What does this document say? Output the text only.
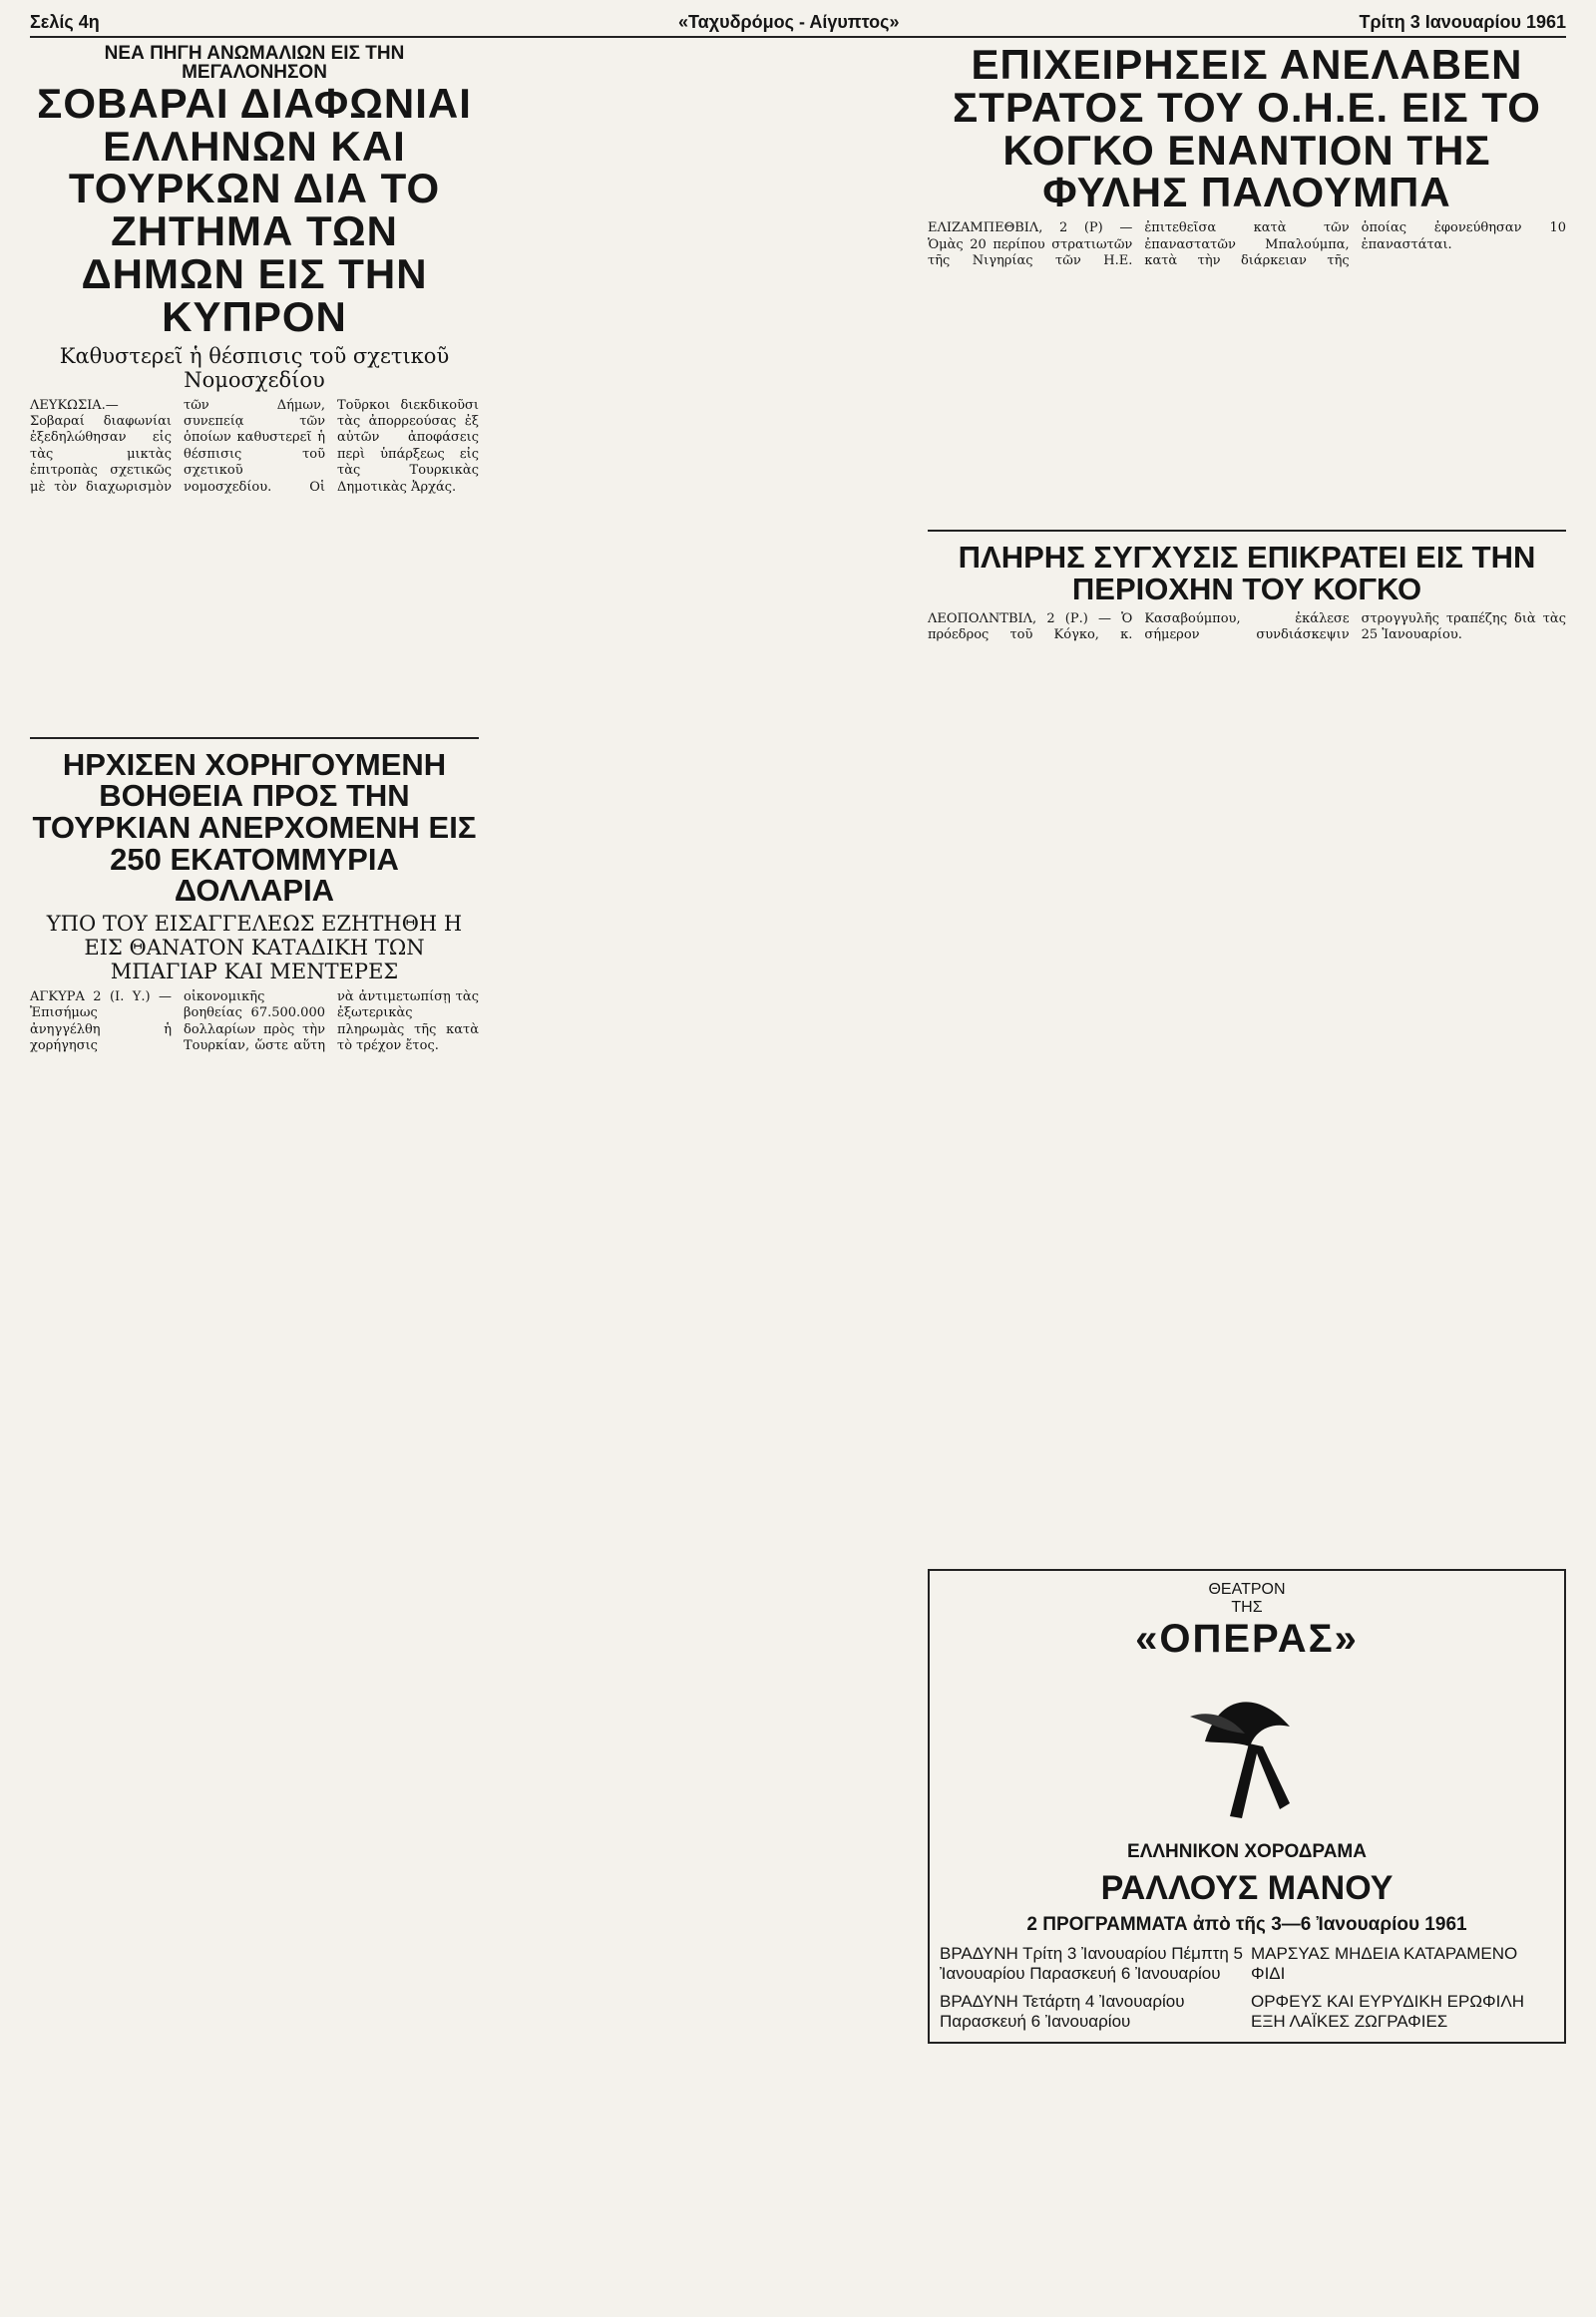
Σελίς 4η	«Ταχυδρόμος - Αίγυπτος»	Τρίτη 3 Ιανουαρίου 1961

ΝΕΑ ΠΗΓΗ ΑΝΩΜΑΛΙΩΝ ΕΙΣ ΤΗΝ ΜΕΓΑΛΟΝΗΣΟΝ

ΣΟΒΑΡΑΙ ΔΙΑΦΩΝΙΑΙ ΕΛΛΗΝΩΝ ΚΑΙ ΤΟΥΡΚΩΝ ΔΙΑ ΤΟ ΖΗΤΗΜΑ ΤΩΝ ΔΗΜΩΝ ΕΙΣ ΤΗΝ ΚΥΠΡΟΝ
Καθυστερεῖ ἡ θέσπισις τοῦ σχετικοῦ Νομοσχεδίου
ΛΕΥΚΩΣΙΑ.— Σοβαραί διαφωνίαι ἐξεδηλώθησαν εἰς τὰς μικτὰς ἐπιτροπὰς σχετικῶς μὲ τὸν διαχωρισμὸν τῶν Δήμων, συνεπείᾳ τῶν ὁποίων καθυστερεῖ ἡ θέσπισις τοῦ σχετικοῦ νομοσχεδίου. Οἱ Τοῦρκοι διεκδικοῦσι τὰς ἀπορρεούσας ἐξ αὐτῶν ἀποφάσεις περὶ ὑπάρξεως εἰς τὰς Τουρκικὰς Δημοτικὰς Ἀρχάς.
ΗΡΧΙΣΕΝ ΧΟΡΗΓΟΥΜΕΝΗ ΒΟΗΘΕΙΑ ΠΡΟΣ ΤΗΝ ΤΟΥΡΚΙΑΝ ΑΝΕΡΧΟΜΕΝΗ ΕΙΣ 250 ΕΚΑΤΟΜΜΥΡΙΑ ΔΟΛΛΑΡΙΑ
ΥΠΟ ΤΟΥ ΕΙΣΑΓΓΕΛΕΩΣ ΕΖΗΤΗΘΗ Η ΕΙΣ ΘΑΝΑΤΟΝ ΚΑΤΑΔΙΚΗ ΤΩΝ ΜΠΑΓΙΑΡ ΚΑΙ ΜΕΝΤΕΡΕΣ
ΑΓΚΥΡΑ 2 (Ι. Υ.) — Ἐπισήμως ἀνηγγέλθη ἡ χορήγησις οἰκονομικῆς βοηθείας 67.500.000 δολλαρίων πρὸς τὴν Τουρκίαν, ὥστε αὕτη νὰ ἀντιμετωπίσῃ τὰς ἐξωτερικὰς πληρωμὰς τῆς κατὰ τὸ τρέχον ἔτος.
ΕΠΙΧΕΙΡΗΣΕΙΣ ΑΝΕΛΑΒΕΝ ΣΤΡΑΤΟΣ ΤΟΥ Ο.Η.Ε. ΕΙΣ ΤΟ ΚΟΓΚΟ ΕΝΑΝΤΙΟΝ ΤΗΣ ΦΥΛΗΣ ΠΑΛΟΥΜΠΑ
ΕΛΙΖΑΜΠΕΘΒΙΛ, 2 (Ρ) — Ὁμὰς 20 περίπου στρατιωτῶν τῆς Νιγηρίας τῶν Η.Ε. ἐπιτεθεῖσα κατὰ τῶν ἐπαναστατῶν Μπαλούμπα, κατὰ τὴν διάρκειαν τῆς ὁποίας ἐφονεύθησαν 10 ἐπαναστάται.
ΠΛΗΡΗΣ ΣΥΓΧΥΣΙΣ ΕΠΙΚΡΑΤΕΙ ΕΙΣ ΤΗΝ ΠΕΡΙΟΧΗΝ ΤΟΥ ΚΟΓΚΟ
ΛΕΟΠΟΛΝΤΒΙΛ, 2 (Ρ.) — Ὁ πρόεδρος τοῦ Κόγκο, κ. Κασαβούμπου, ἐκάλεσε σήμερον συνδιάσκεψιν στρογγυλῆς τραπέζης διὰ τὰς 25 Ἰανουαρίου.
ΘΕΑΤΡΟΝ
ΤΗΣ
«ΟΠΕΡΑΣ»
ΕΛΛΗΝΙΚΟΝ ΧΟΡΟΔΡΑΜΑ
ΡΑΛΛΟΥΣ ΜΑΝΟΥ
2 ΠΡΟΓΡΑΜΜΑΤΑ ἀπὸ τῆς 3—6 Ἰανουαρίου 1961
ΒΡΑΔΥΝΗ Τρίτη 3 Ἰανουαρίου Πέμπτη 5 Ἰανουαρίου Παρασκευή 6 Ἰανουαρίου
ΜΑΡΣΥΑΣ ΜΗΔΕΙΑ ΚΑΤΑΡΑΜΕΝΟ ΦΙΔΙ
ΒΡΑΔΥΝΗ Τετάρτη 4 Ἰανουαρίου Παρασκευή 6 Ἰανουαρίου
ΟΡΦΕΥΣ ΚΑΙ ΕΥΡΥΔΙΚΗ ΕΡΩΦΙΛΗ ΕΞΗ ΛΑΪΚΕΣ ΖΩΓΡΑΦΙΕΣ
